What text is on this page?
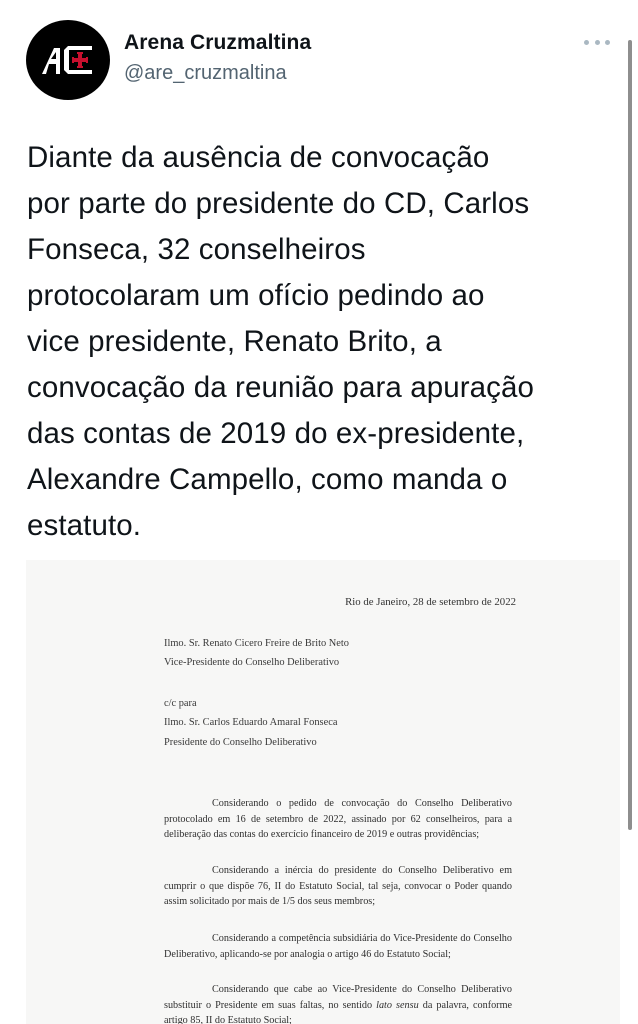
Arena Cruzmaltina
@are_cruzmaltina
Diante da ausência de convocação
por parte do presidente do CD, Carlos
Fonseca, 32 conselheiros
protocolaram um ofício pedindo ao
vice presidente, Renato Brito, a
convocação da reunião para apuração
das contas de 2019 do ex-presidente,
Alexandre Campello, como manda o
estatuto.
Rio de Janeiro, 28 de setembro de 2022
Ilmo. Sr. Renato Cicero Freire de Brito Neto
Vice-Presidente do Conselho Deliberativo
c/c para
Ilmo. Sr. Carlos Eduardo Amaral Fonseca
Presidente do Conselho Deliberativo
Considerando o pedido de convocação do Conselho Deliberativo protocolado em 16 de setembro de 2022, assinado por 62 conselheiros, para a deliberação das contas do exercício financeiro de 2019 e outras providências;
Considerando a inércia do presidente do Conselho Deliberativo em cumprir o que dispõe 76, II do Estatuto Social, tal seja, convocar o Poder quando assim solicitado por mais de 1/5 dos seus membros;
Considerando a competência subsidiária do Vice-Presidente do Conselho Deliberativo, aplicando-se por analogia o artigo 46 do Estatuto Social;
Considerando que cabe ao Vice-Presidente do Conselho Deliberativo substituir o Presidente em suas faltas, no sentido lato sensu da palavra, conforme artigo 85, II do Estatuto Social;
